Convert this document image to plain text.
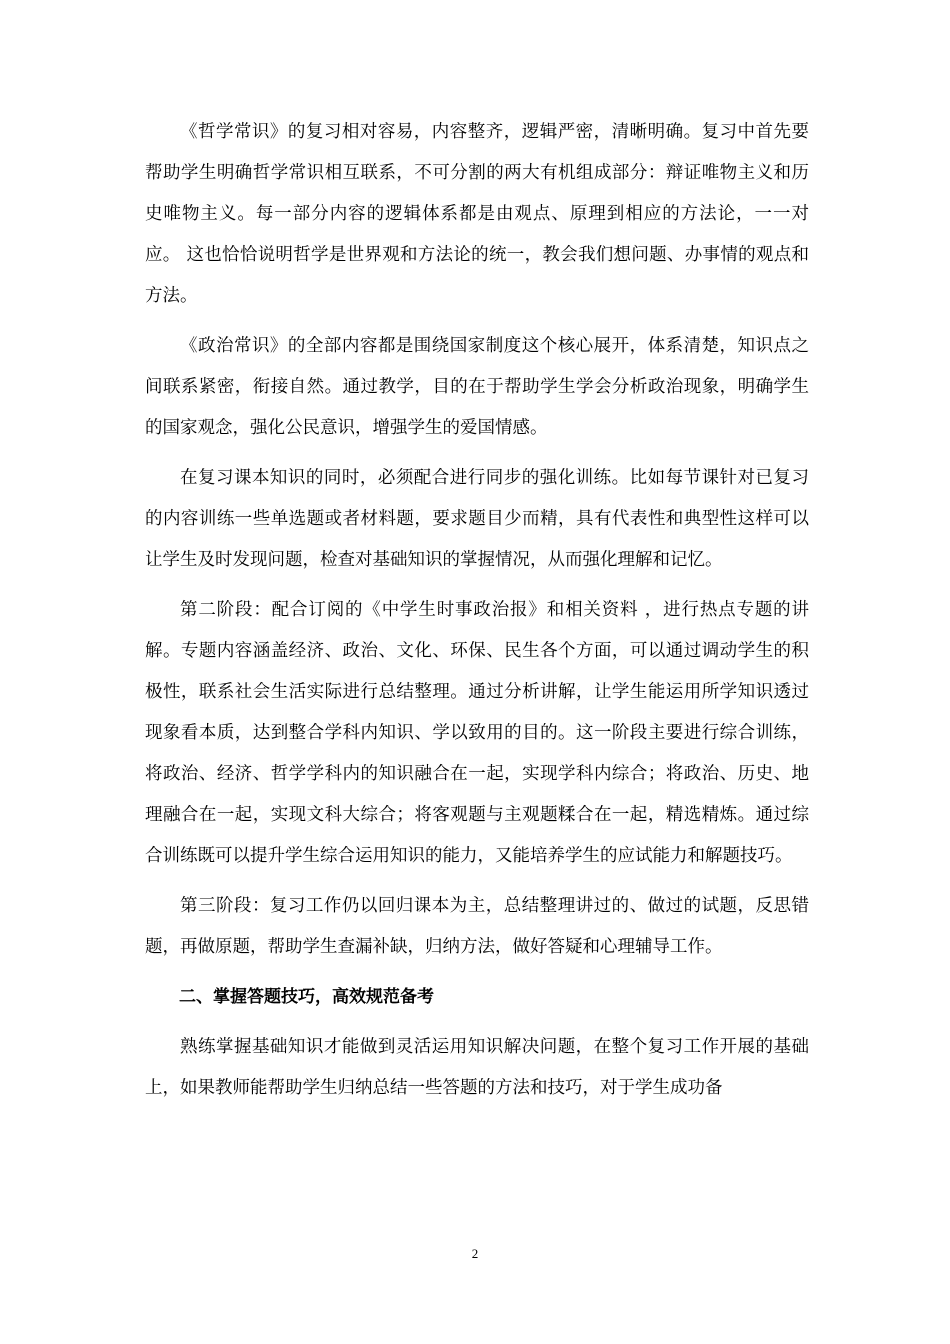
《哲学常识》的复习相对容易，内容整齐，逻辑严密，清晰明确。复习中首先要帮助学生明确哲学常识相互联系，不可分割的两大有机组成部分：辩证唯物主义和历史唯物主义。每一部分内容的逻辑体系都是由观点、原理到相应的方法论，一一对应。 这也恰恰说明哲学是世界观和方法论的统一，教会我们想问题、办事情的观点和方法。

《政治常识》的全部内容都是围绕国家制度这个核心展开，体系清楚，知识点之间联系紧密，衔接自然。通过教学，目的在于帮助学生学会分析政治现象，明确学生的国家观念，强化公民意识，增强学生的爱国情感。

在复习课本知识的同时，必须配合进行同步的强化训练。比如每节课针对已复习的内容训练一些单选题或者材料题，要求题目少而精，具有代表性和典型性这样可以让学生及时发现问题，检查对基础知识的掌握情况，从而强化理解和记忆。

第二阶段：配合订阅的《中学生时事政治报》和相关资料 ，进行热点专题的讲解。专题内容涵盖经济、政治、文化、环保、民生各个方面，可以通过调动学生的积极性，联系社会生活实际进行总结整理。通过分析讲解，让学生能运用所学知识透过现象看本质，达到整合学科内知识、学以致用的目的。这一阶段主要进行综合训练，将政治、经济、哲学学科内的知识融合在一起，实现学科内综合；将政治、历史、地理融合在一起，实现文科大综合；将客观题与主观题糅合在一起，精选精炼。通过综合训练既可以提升学生综合运用知识的能力，又能培养学生的应试能力和解题技巧。

第三阶段：复习工作仍以回归课本为主，总结整理讲过的、做过的试题，反思错题，再做原题，帮助学生查漏补缺，归纳方法，做好答疑和心理辅导工作。

二、掌握答题技巧，高效规范备考

熟练掌握基础知识才能做到灵活运用知识解决问题，在整个复习工作开展的基础上，如果教师能帮助学生归纳总结一些答题的方法和技巧，对于学生成功备

2
